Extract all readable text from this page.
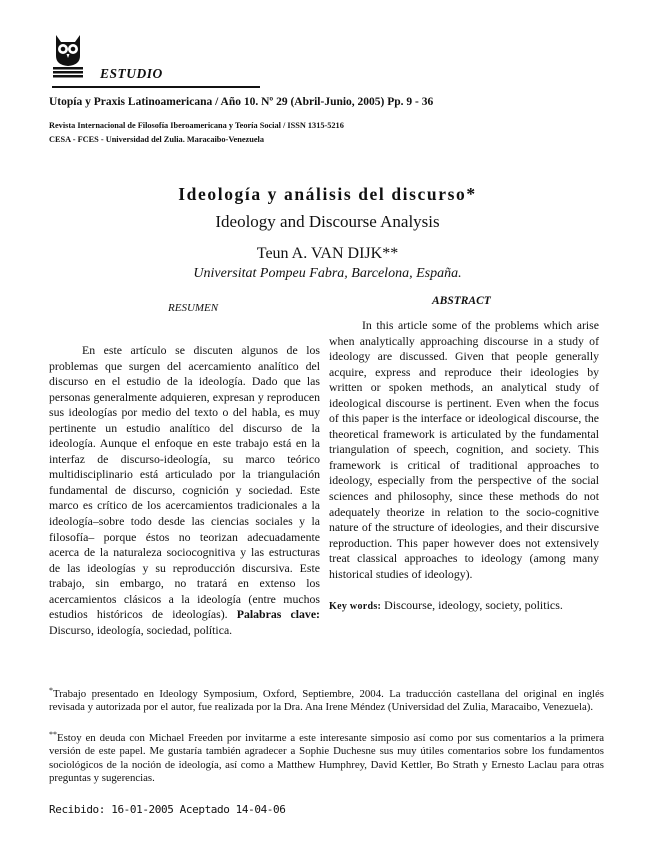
ESTUDIO
Utopía y Praxis Latinoamericana / Año 10. Nº 29 (Abril-Junio, 2005) Pp. 9 - 36
Revista Internacional de Filosofía Iberoamericana y Teoría Social / ISSN 1315-5216
CESA - FCES - Universidad del Zulia. Maracaibo-Venezuela
Ideología y análisis del discurso*
Ideology and Discourse Analysis
Teun A. VAN DIJK**
Universitat Pompeu Fabra, Barcelona, España.
RESUMEN
ABSTRACT

En este artículo se discuten algunos de los problemas que surgen del acercamiento analítico del discurso en el estudio de la ideología. Dado que las personas generalmente adquieren, expresan y reproducen sus ideologías por medio del texto o del habla, es muy pertinente un estudio analítico del discurso de la ideología. Aunque el enfoque en este trabajo está en la interfaz de discurso-ideología, su marco teórico multidisciplinario está articulado por la triangulación fundamental de discurso, cognición y sociedad. Este marco es crítico de los acercamientos tradicionales a la ideología–sobre todo desde las ciencias sociales y la filosofía– porque éstos no teorizan adecuadamente acerca de la naturaleza sociocognitiva y las estructuras de las ideologías y su reproducción discursiva. Este trabajo, sin embargo, no tratará en extenso los acercamientos clásicos a la ideología (entre muchos estudios históricos de ideologías). Palabras clave: Discurso, ideología, sociedad, política.

In this article some of the problems which arise when analytically approaching discourse in a study of ideology are discussed. Given that people generally acquire, express and reproduce their ideologies by written or spoken methods, an analytical study of ideological discourse is pertinent. Even when the focus of this paper is the interface or ideological discourse, the theoretical framework is articulated by the fundamental triangulation of speech, cognition, and society. This framework is critical of traditional approaches to ideology, especially from the perspective of the social sciences and philosophy, since these methods do not adequately theorize in relation to the socio-cognitive nature of the structure of ideologies, and their discursive reproduction. This paper however does not extensively treat classical approaches to ideology (among many historical studies of ideology).

Key words: Discourse, ideology, society, politics.
*Trabajo presentado en Ideology Symposium, Oxford, Septiembre, 2004. La traducción castellana del original en inglés revisada y autorizada por el autor, fue realizada por la Dra. Ana Irene Méndez (Universidad del Zulia, Maracaibo, Venezuela).
**Estoy en deuda con Michael Freeden por invitarme a este interesante simposio así como por sus comentarios a la primera versión de este papel. Me gustaría también agradecer a Sophie Duchesne sus muy útiles comentarios sobre los fundamentos sociológicos de la noción de ideología, así como a Matthew Humphrey, David Kettler, Bo Strath y Ernesto Laclau para otras preguntas y sugerencias.
Recibido: 16-01-2005 Aceptado 14-04-06
